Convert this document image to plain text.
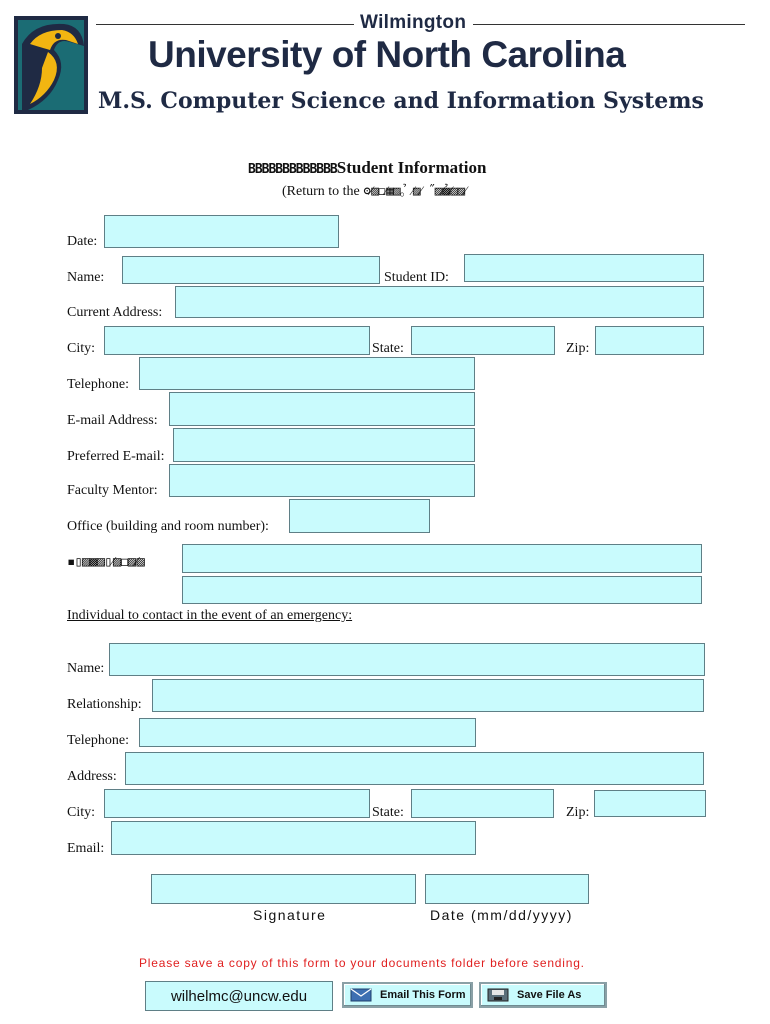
Wilmington
University of North Carolina
M.S. Computer Science and Information Systems
BBBBBBBBBBBBBStudent Information
(Return to the ʘ⁄▨◻⁄▦▨̉。⁄▨⁄ ˝▨̉⁄▩⁄▨▨⁄
Date:
Name:	Student ID:
Current Address:
City:	State:	Zip:
Telephone:
E-mail Address:
Preferred E-mail:
Faculty Mentor:
Office (building and room number):
▪▯▨▩▨▯⁄▨◻▨⁄▨
Individual to contact in the event of an emergency:
Name:
Relationship:
Telephone:
Address:
City:	State:	Zip:
Email:
Signature	Date (mm/dd/yyyy)
Please save a copy of this form to your documents folder before sending.
wilhelmc@uncw.edu	Email This Form	Save File As
